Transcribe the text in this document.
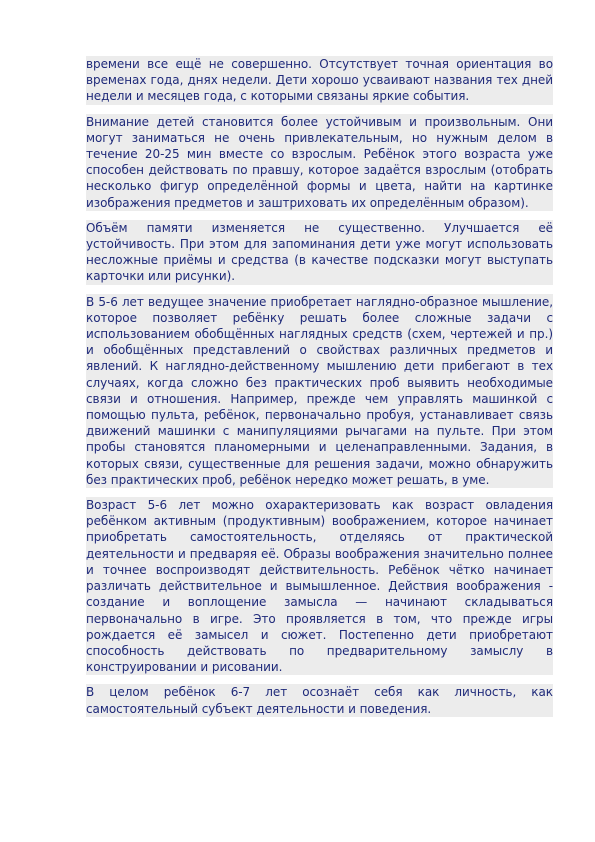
времени все ещё не совершенно. Отсутствует точная ориентация во временах года, днях недели. Дети хорошо усваивают названия тех дней недели и месяцев года, с которыми связаны яркие события.

Внимание детей становится более устойчивым и произвольным. Они могут заниматься не очень привлекательным, но нужным делом в течение 20-25 мин вместе со взрослым. Ребёнок этого возраста уже способен действовать по правшу, которое задаётся взрослым (отобрать несколько фигур определённой формы и цвета, найти на картинке изображения предметов и заштриховать их определённым образом).

Объём памяти изменяется не существенно. Улучшается её устойчивость. При этом для запоминания дети уже могут использовать несложные приёмы и средства (в качестве подсказки могут выступать карточки или рисунки).

В 5-6 лет ведущее значение приобретает наглядно-образное мышление, которое позволяет ребёнку решать более сложные задачи с использованием обобщённых наглядных средств (схем, чертежей и пр.) и обобщённых представлений о свойствах различных предметов и явлений. К наглядно-действенному мышлению дети прибегают в тех случаях, когда сложно без практических проб выявить необходимые связи и отношения. Например, прежде чем управлять машинкой с помощью пульта, ребёнок, первоначально пробуя, устанавливает связь движений машинки с манипуляциями рычагами на пульте. При этом пробы становятся планомерными и целенаправленными. Задания, в которых связи, существенные для решения задачи, можно обнаружить без практических проб, ребёнок нередко может решать, в уме.

Возраст 5-6 лет можно охарактеризовать как возраст овладения ребёнком активным (продуктивным) воображением, которое начинает приобретать самостоятельность, отделяясь от практической деятельности и предваряя её. Образы воображения значительно полнее и точнее воспроизводят действительность. Ребёнок чётко начинает различать действительное и вымышленное. Действия воображения - создание и воплощение замысла — начинают складываться первоначально в игре. Это проявляется в том, что прежде игры рождается её замысел и сюжет. Постепенно дети приобретают способность действовать по предварительному замыслу в конструировании и рисовании.

В целом ребёнок 6-7 лет осознаёт себя как личность, как самостоятельный субъект деятельности и поведения.
